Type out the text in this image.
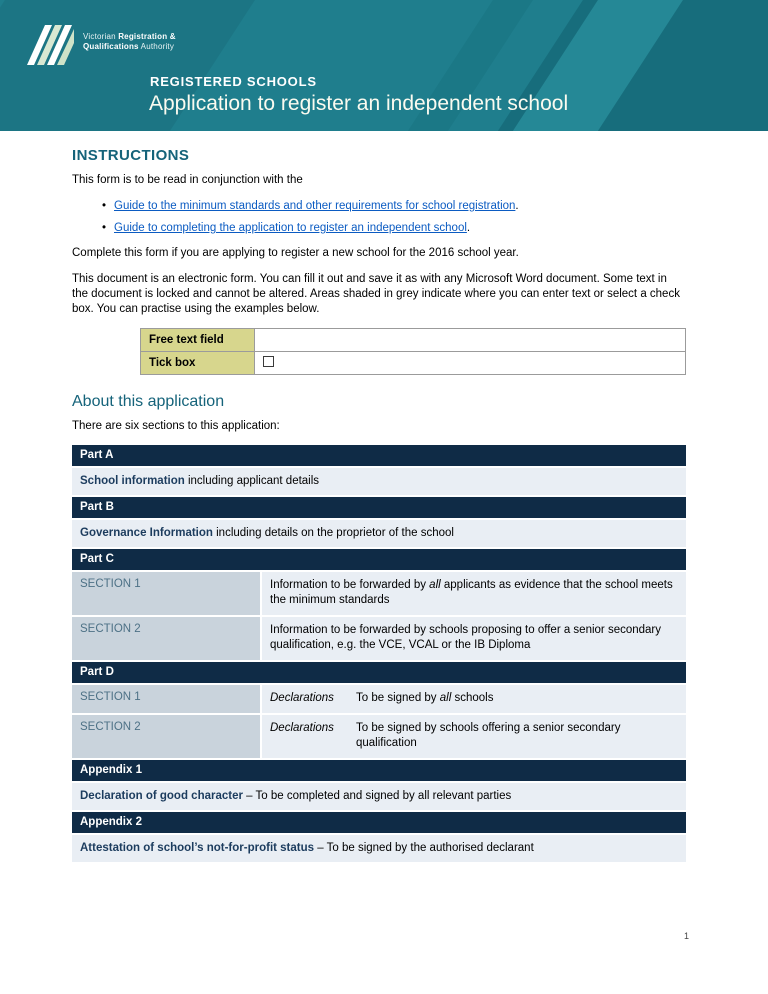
Victorian Registration &
Qualifications Authority
REGISTERED SCHOOLS
Application to register an independent school
INSTRUCTIONS

This form is to be read in conjunction with the

• Guide to the minimum standards and other requirements for school registration.
• Guide to completing the application to register an independent school.

Complete this form if you are applying to register a new school for the 2016 school year.

This document is an electronic form. You can fill it out and save it as with any Microsoft Word document. Some text in the document is locked and cannot be altered. Areas shaded in grey indicate where you can enter text or select a check box. You can practise using the examples below.

Free text field	

Tick box	
About this application

There are six sections to this application:

Part A
School information including applicant details
Part B
Governance Information including details on the proprietor of the school
Part C
SECTION 1	Information to be forwarded by all applicants as evidence that the school meets the minimum standards
SECTION 2	Information to be forwarded by schools proposing to offer a senior secondary qualification, e.g. the VCE, VCAL or the IB Diploma
Part D
SECTION 1	Declarations	To be signed by all schools
SECTION 2	Declarations	To be signed by schools offering a senior secondary qualification
Appendix 1
Declaration of good character – To be completed and signed by all relevant parties
Appendix 2
Attestation of school’s not-for-profit status – To be signed by the authorised declarant
1
